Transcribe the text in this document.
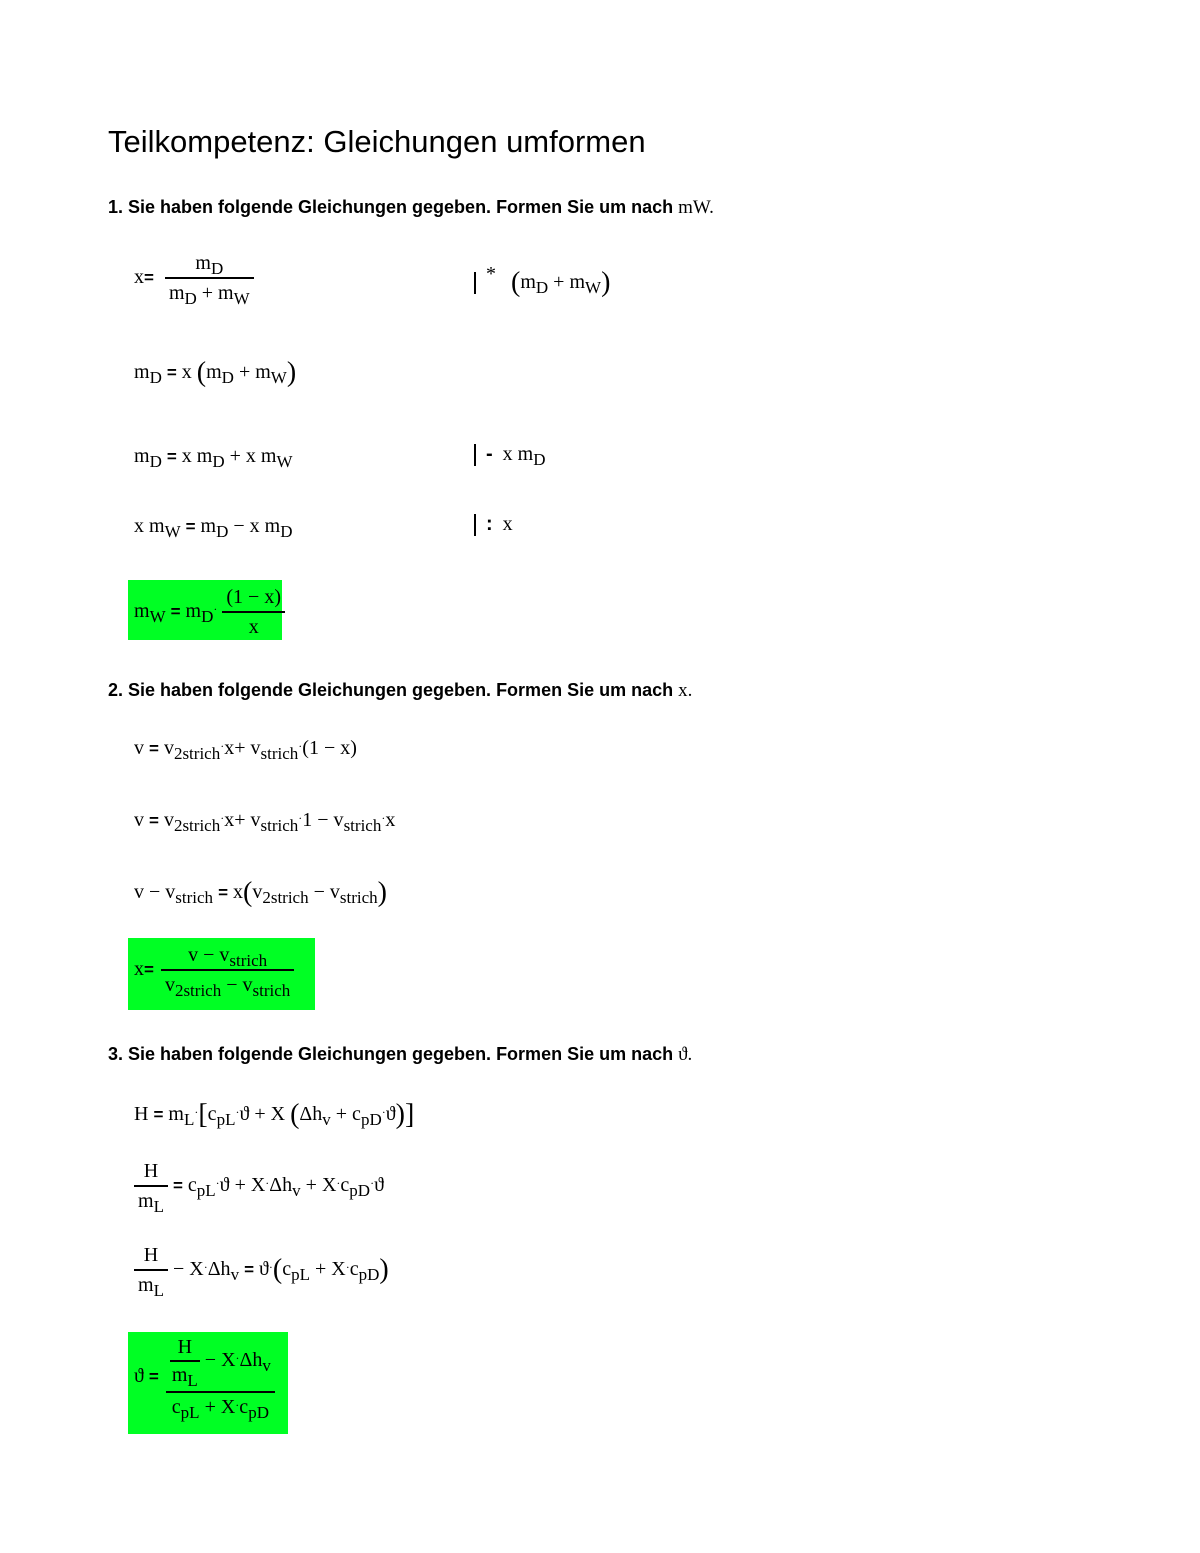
Teilkompetenz: Gleichungen umformen
1. Sie haben folgende Gleichungen gegeben. Formen Sie um nach mW.
$x= \frac{m_D}{m_D + m_W}$	* $(m_D + m_W)$
$m_D = x$ $(m_D + m_W)$
$m_D = x$ $m_D + x$ $m_W$	-  x $m_D$
x $m_W = m_D - x$ $m_D$	:  x
$m_W = m_D^\cdot \frac{(1 - x)}{x}$
2. Sie haben folgende Gleichungen gegeben. Formen Sie um nach x.
$v = v_{2strich}^\cdot x+ v_{strich}^\cdot(1 - x)$
$v = v_{2strich}^\cdot x+ v_{strich}^\cdot 1 - v_{strich}^\cdot x$
$v - v_{strich} = x(v_{2strich} - v_{strich})$
$x= \frac{v - v_{strich}}{v_{2strich} - v_{strich}}$
3. Sie haben folgende Gleichungen gegeben. Formen Sie um nach ϑ.
$H = m_L^\cdot[c_{pL}^\cdot ϑ + X$ $(\Delta h_v + c_{pD}^\cdot ϑ)$]
$\frac{H}{m_L} = c_{pL}^\cdot ϑ + X^\cdot\Delta h_v + X^\cdot c_{pD}^\cdot ϑ$
$\frac{H}{m_L} - X^\cdot\Delta h_v = ϑ^\cdot(c_{pL} + X^\cdot c_{pD})$
$ϑ = \frac{\frac{H}{m_L} - X^\cdot\Delta h_v}{c_{pL} + X^\cdot c_{pD}}$
